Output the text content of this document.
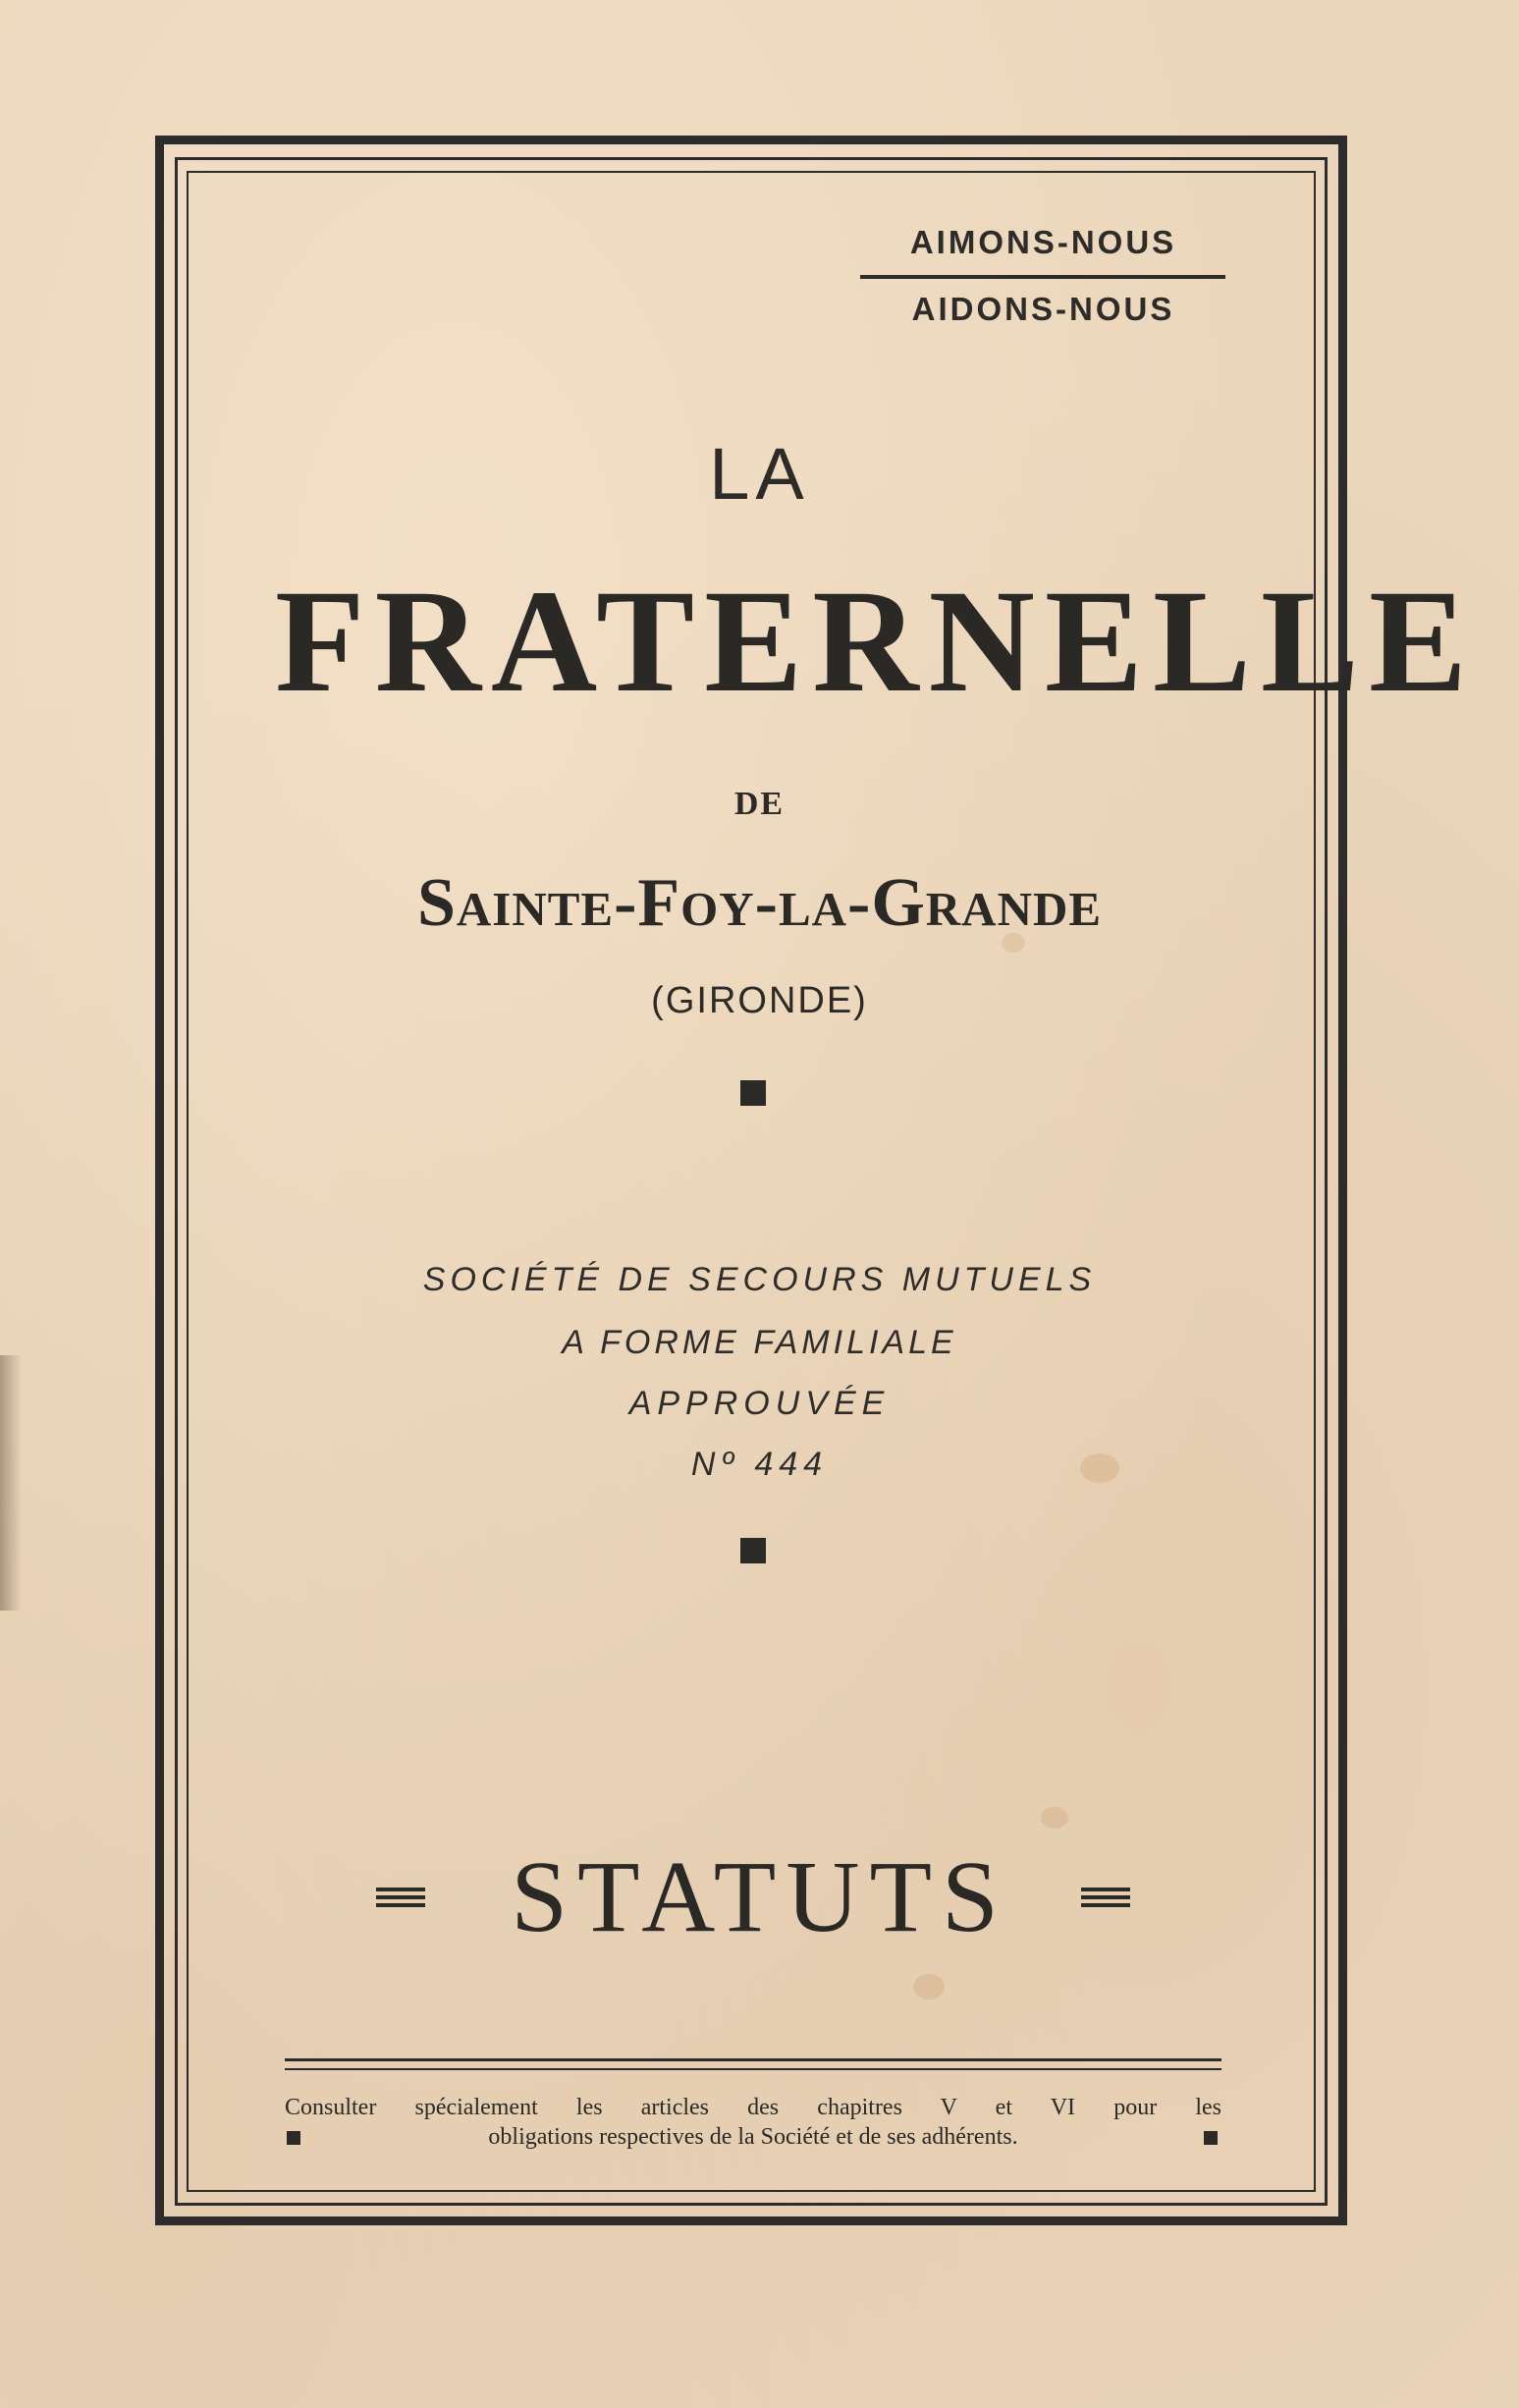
AIMONS-NOUS
AIDONS-NOUS
LA
FRATERNELLE
DE
Sainte-Foy-la-Grande
(GIRONDE)
SOCIÉTÉ DE SECOURS MUTUELS
A FORME FAMILIALE
APPROUVÉE
Nº 444
STATUTS
Consulter spécialement les articles des chapitres V et VI pour les
obligations respectives de la Société et de ses adhérents.
